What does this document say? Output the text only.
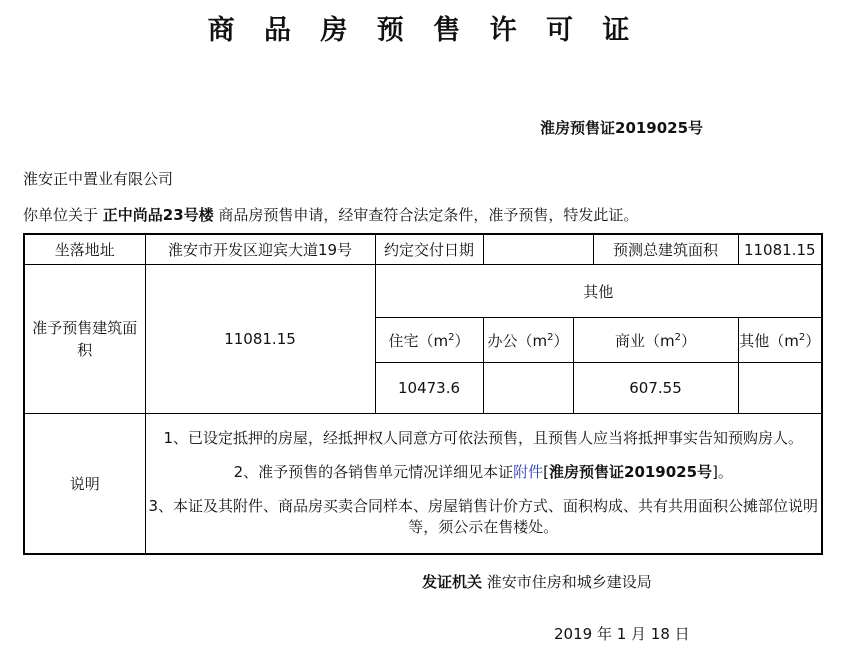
商 品 房 预 售 许 可 证
淮房预售证2019025号
淮安正中置业有限公司
你单位关于 正中尚品23号楼 商品房预售申请，经审查符合法定条件，准予预售，特发此证。
坐落地址	淮安市开发区迎宾大道19号	约定交付日期			预测总建筑面积	11081.15
准予预售建筑面积	11081.15	其他				
		住宅$(m^2)$	办公$(m^2)$	商业$(m^2)$		其他$(m^2)$
		10473.6		607.55		
说明	1、已设定抵押的房屋，经抵押权人同意方可依法预售，且预售人应当将抵押事实告知预购房人。
2、准予预售的各销售单元情况详细见本证附件[淮房预售证2019025号]。
3、本证及其附件、商品房买卖合同样本、房屋销售计价方式、面积构成、共有共用面积公摊部位说明等，须公示在售楼处。					
发证机关 淮安市住房和城乡建设局
2019 年 1 月 18 日
